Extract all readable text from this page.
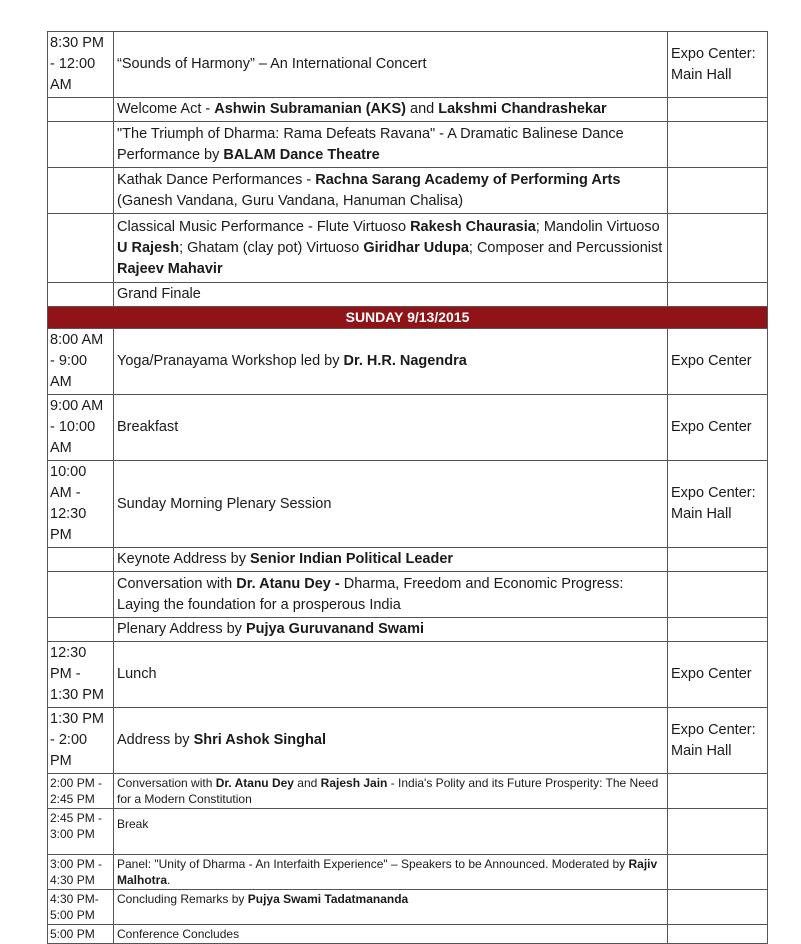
8:30 PM - 12:00 AM	“Sounds of Harmony” – An International Concert	Expo Center: Main Hall
	Welcome Act - Ashwin Subramanian (AKS) and Lakshmi Chandrashekar	
	"The Triumph of Dharma: Rama Defeats Ravana" - A Dramatic Balinese Dance Performance by BALAM Dance Theatre	
	Kathak Dance Performances - Rachna Sarang Academy of Performing Arts (Ganesh Vandana, Guru Vandana, Hanuman Chalisa)	
	Classical Music Performance - Flute Virtuoso Rakesh Chaurasia; Mandolin Virtuoso U Rajesh; Ghatam (clay pot) Virtuoso Giridhar Udupa; Composer and Percussionist Rajeev Mahavir	
	Grand Finale	
SUNDAY 9/13/2015		
8:00 AM - 9:00 AM	Yoga/Pranayama Workshop led by Dr. H.R. Nagendra	Expo Center
9:00 AM - 10:00 AM	Breakfast	Expo Center
10:00 AM - 12:30 PM	Sunday Morning Plenary Session	Expo Center: Main Hall
	Keynote Address by Senior Indian Political Leader	
	Conversation with Dr. Atanu Dey - Dharma, Freedom and Economic Progress: Laying the foundation for a prosperous India	
	Plenary Address by Pujya Guruvanand Swami	
12:30 PM - 1:30 PM	Lunch	Expo Center
1:30 PM - 2:00 PM	Address by Shri Ashok Singhal	Expo Center: Main Hall
2:00 PM - 2:45 PM	Conversation with Dr. Atanu Dey and Rajesh Jain - India's Polity and its Future Prosperity: The Need for a Modern Constitution	
2:45 PM - 3:00 PM	Break	
3:00 PM - 4:30 PM	Panel: "Unity of Dharma - An Interfaith Experience" – Speakers to be Announced. Moderated by Rajiv Malhotra.	
4:30 PM- 5:00 PM	Concluding Remarks by Pujya Swami Tadatmananda	
5:00 PM	Conference Concludes	
